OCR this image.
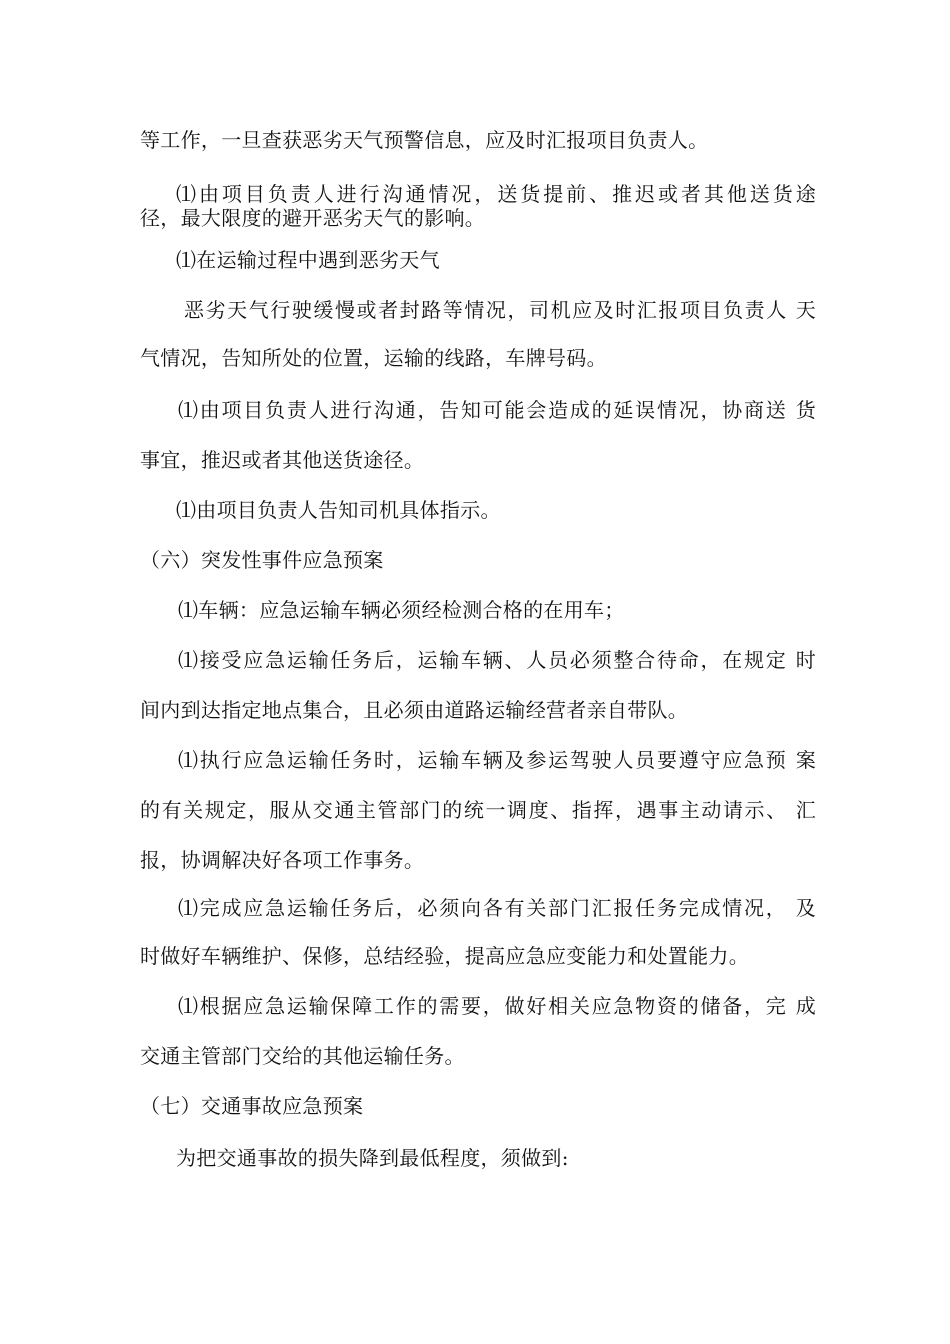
等工作，一旦查获恶劣天气预警信息，应及时汇报项目负责人。
⑴由项目负责人进行沟通情况，送货提前、推迟或者其他送货途
径，最大限度的避开恶劣天气的影响。
⑴在运输过程中遇到恶劣天气
恶劣天气行驶缓慢或者封路等情况，司机应及时汇报项目负责人 天
气情况，告知所处的位置，运输的线路，车牌号码。
⑴由项目负责人进行沟通，告知可能会造成的延误情况，协商送 货
事宜，推迟或者其他送货途径。
⑴由项目负责人告知司机具体指示。
（六）突发性事件应急预案
⑴车辆：应急运输车辆必须经检测合格的在用车；
⑴接受应急运输任务后，运输车辆、人员必须整合待命，在规定 时
间内到达指定地点集合，且必须由道路运输经营者亲自带队。
⑴执行应急运输任务时，运输车辆及参运驾驶人员要遵守应急预 案
的有关规定，服从交通主管部门的统一调度、指挥，遇事主动请示、 汇
报，协调解决好各项工作事务。
⑴完成应急运输任务后，必须向各有关部门汇报任务完成情况， 及
时做好车辆维护、保修，总结经验，提高应急应变能力和处置能力。
⑴根据应急运输保障工作的需要，做好相关应急物资的储备，完 成
交通主管部门交给的其他运输任务。
（七）交通事故应急预案
为把交通事故的损失降到最低程度，须做到:
